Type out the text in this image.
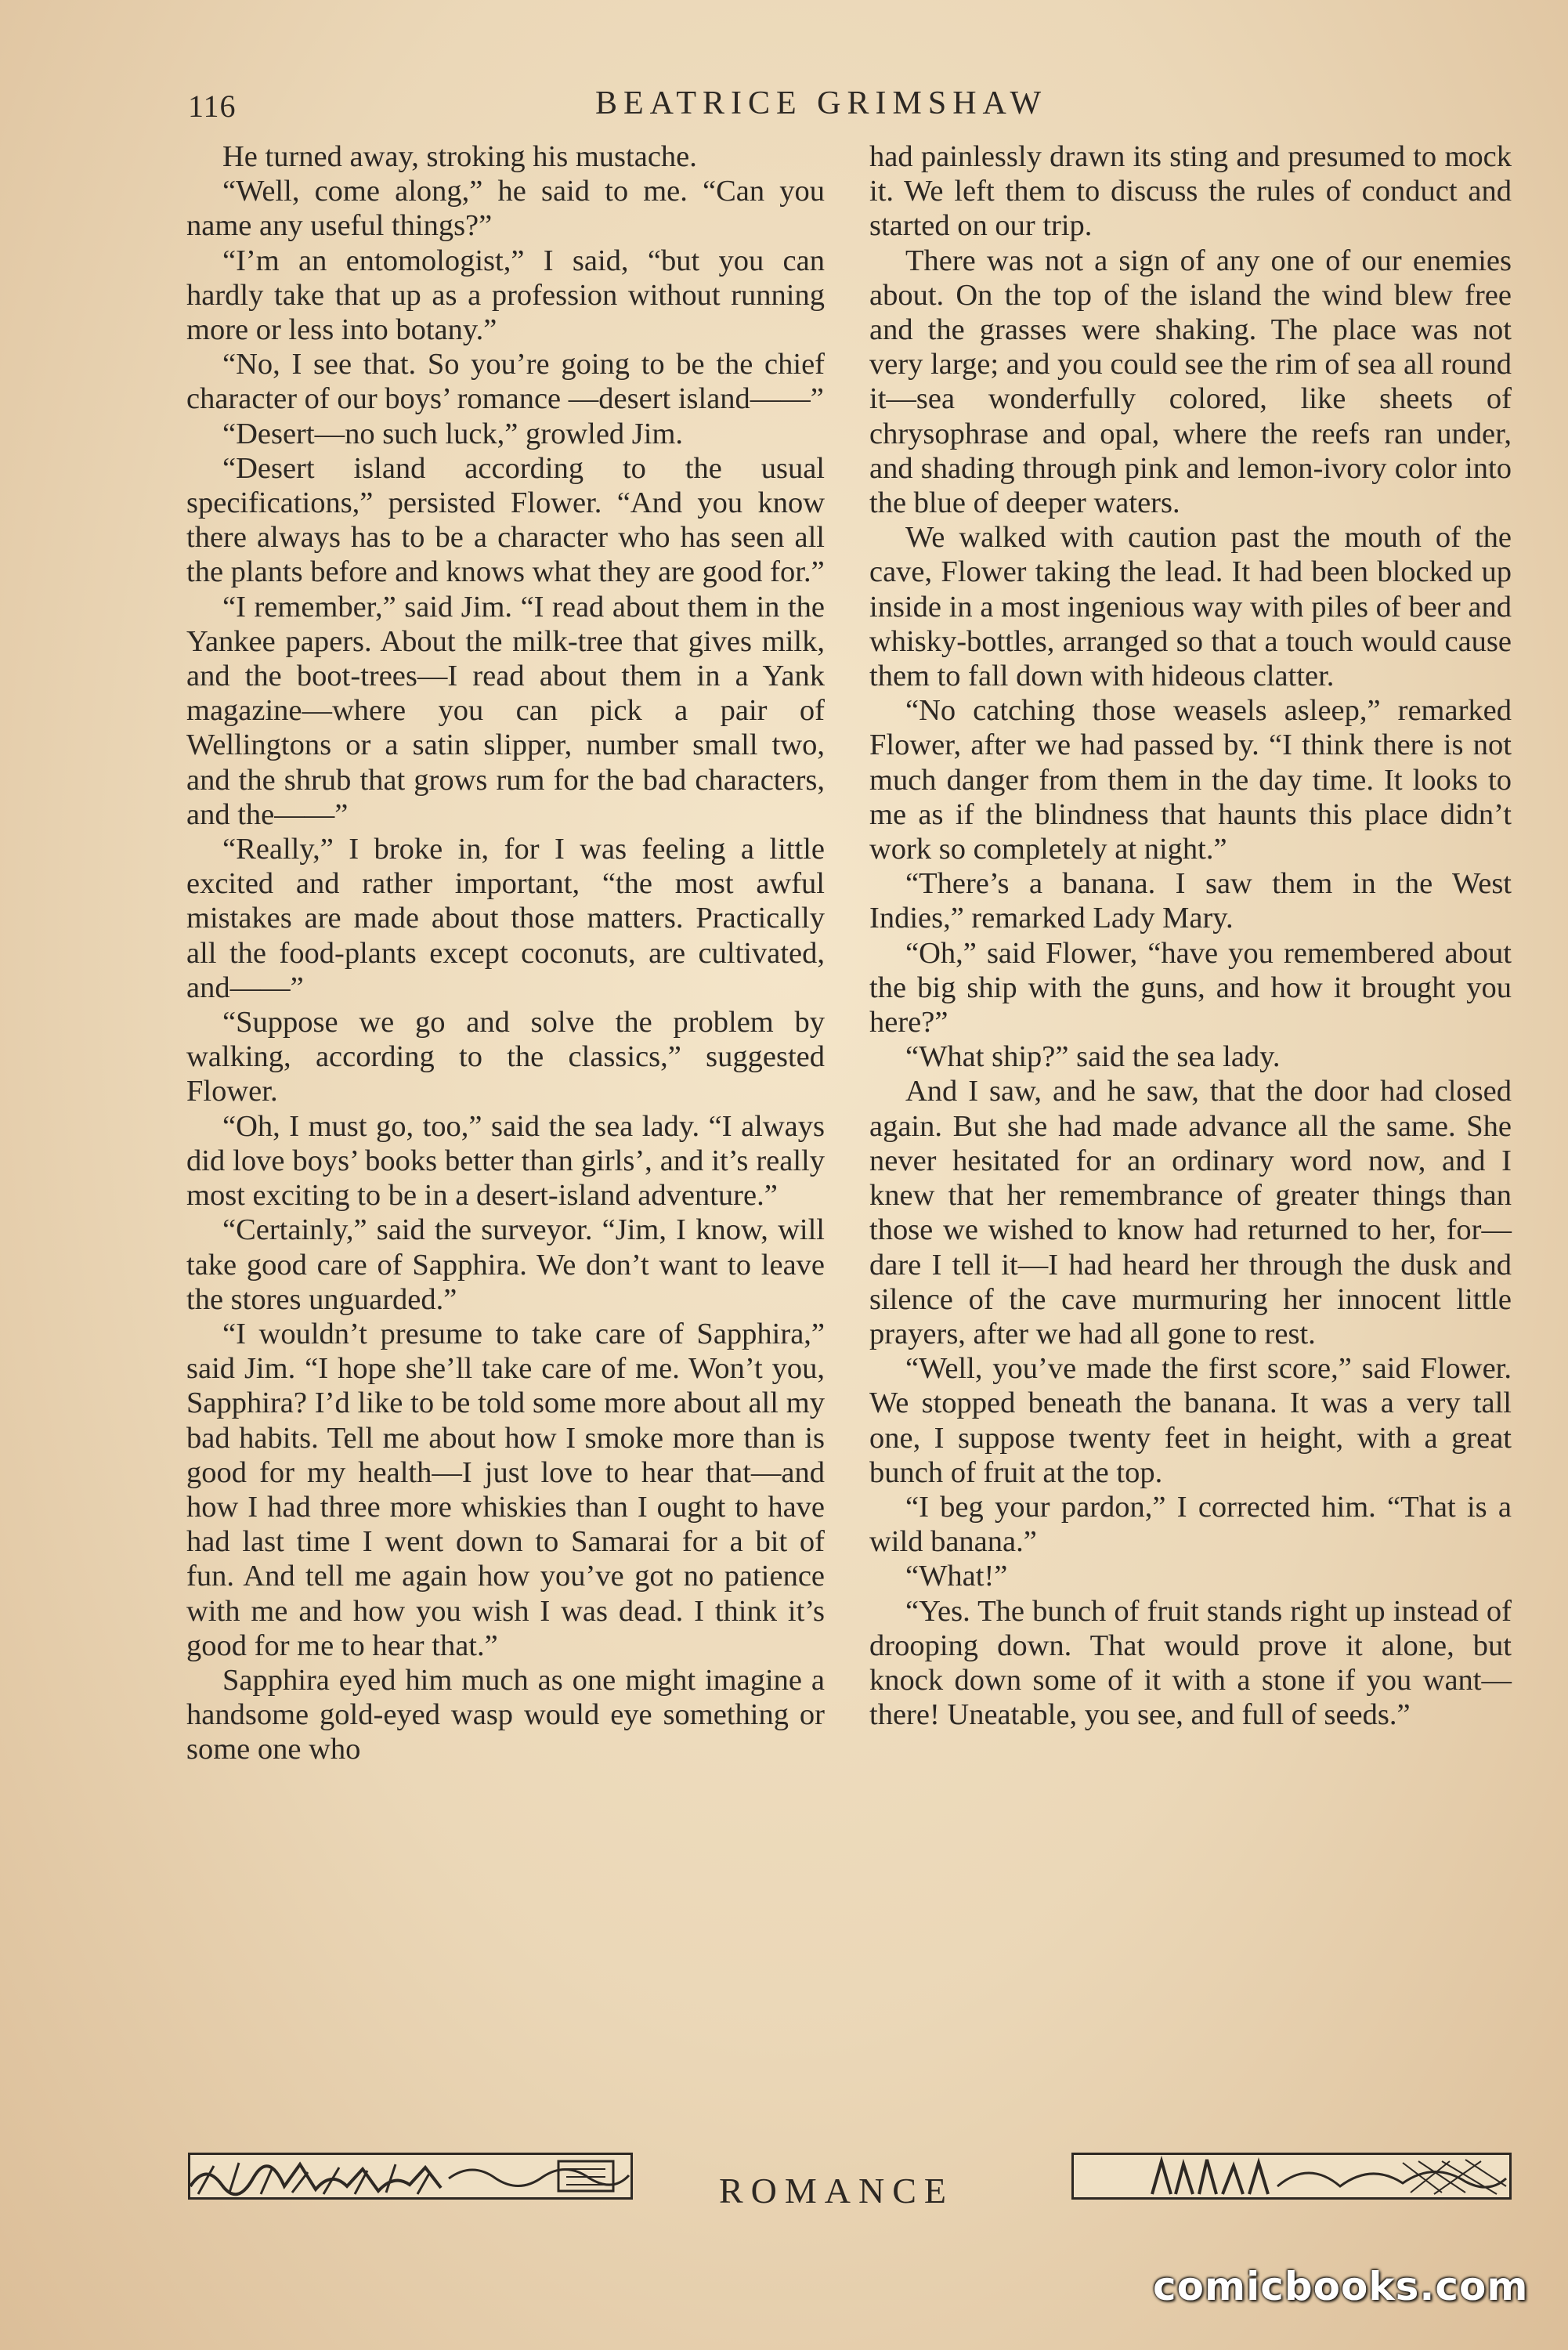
116	BEATRICE GRIMSHAW

He turned away, stroking his mustache.

“Well, come along,” he said to me. “Can you name any useful things?”

“I’m an entomologist,” I said, “but you can hardly take that up as a profession without running more or less into botany.”

“No, I see that. So you’re going to be the chief character of our boys’ romance —desert island——”

“Desert—no such luck,” growled Jim.

“Desert island according to the usual specifications,” persisted Flower. “And you know there always has to be a character who has seen all the plants before and knows what they are good for.”

“I remember,” said Jim. “I read about them in the Yankee papers. About the milk-tree that gives milk, and the boot-trees—I read about them in a Yank magazine—where you can pick a pair of Wellingtons or a satin slipper, number small two, and the shrub that grows rum for the bad characters, and the——”

“Really,” I broke in, for I was feeling a little excited and rather important, “the most awful mistakes are made about those matters. Practically all the food-plants except coconuts, are cultivated, and——”

“Suppose we go and solve the problem by walking, according to the classics,” suggested Flower.

“Oh, I must go, too,” said the sea lady. “I always did love boys’ books better than girls’, and it’s really most exciting to be in a desert-island adventure.”

“Certainly,” said the surveyor. “Jim, I know, will take good care of Sapphira. We don’t want to leave the stores unguarded.”

“I wouldn’t presume to take care of Sapphira,” said Jim. “I hope she’ll take care of me. Won’t you, Sapphira? I’d like to be told some more about all my bad habits. Tell me about how I smoke more than is good for my health—I just love to hear that—and how I had three more whiskies than I ought to have had last time I went down to Samarai for a bit of fun. And tell me again how you’ve got no patience with me and how you wish I was dead. I think it’s good for me to hear that.”

Sapphira eyed him much as one might imagine a handsome gold-eyed wasp would eye something or some one who

had painlessly drawn its sting and presumed to mock it. We left them to discuss the rules of conduct and started on our trip.

There was not a sign of any one of our enemies about. On the top of the island the wind blew free and the grasses were shaking. The place was not very large; and you could see the rim of sea all round it—sea wonderfully colored, like sheets of chrysophrase and opal, where the reefs ran under, and shading through pink and lemon-ivory color into the blue of deeper waters.

We walked with caution past the mouth of the cave, Flower taking the lead. It had been blocked up inside in a most ingenious way with piles of beer and whisky-bottles, arranged so that a touch would cause them to fall down with hideous clatter.

“No catching those weasels asleep,” remarked Flower, after we had passed by. “I think there is not much danger from them in the day time. It looks to me as if the blindness that haunts this place didn’t work so completely at night.”

“There’s a banana. I saw them in the West Indies,” remarked Lady Mary.

“Oh,” said Flower, “have you remembered about the big ship with the guns, and how it brought you here?”

“What ship?” said the sea lady.

And I saw, and he saw, that the door had closed again. But she had made advance all the same. She never hesitated for an ordinary word now, and I knew that her remembrance of greater things than those we wished to know had returned to her, for—dare I tell it—I had heard her through the dusk and silence of the cave murmuring her innocent little prayers, after we had all gone to rest.

“Well, you’ve made the first score,” said Flower. We stopped beneath the banana. It was a very tall one, I suppose twenty feet in height, with a great bunch of fruit at the top.

“I beg your pardon,” I corrected him. “That is a wild banana.”

“What!”

“Yes. The bunch of fruit stands right up instead of drooping down. That would prove it alone, but knock down some of it with a stone if you want—there! Uneatable, you see, and full of seeds.”

ROMANCE
comicbooks.com
